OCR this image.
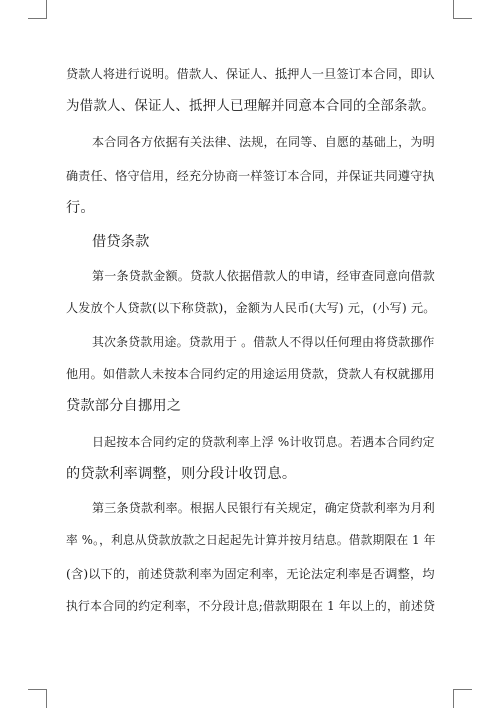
贷款人将进行说明。借款人、保证人、抵押人一旦签订本合同，即认
为借款人、保证人、抵押人已理解并同意本合同的全部条款。
本合同各方依据有关法律、法规，在同等、自愿的基础上，为明
确责任、恪守信用，经充分协商一样签订本合同，并保证共同遵守执
行。
借贷条款
第一条贷款金额。贷款人依据借款人的申请，经审查同意向借款
人发放个人贷款(以下称贷款)，金额为人民币(大写) 元，(小写) 元。
其次条贷款用途。贷款用于 。借款人不得以任何理由将贷款挪作
他用。如借款人未按本合同约定的用途运用贷款，贷款人有权就挪用
贷款部分自挪用之
日起按本合同约定的贷款利率上浮 %计收罚息。若遇本合同约定
的贷款利率调整，则分段计收罚息。
第三条贷款利率。根据人民银行有关规定，确定贷款利率为月利
率 %。，利息从贷款放款之日起起先计算并按月结息。借款期限在 1 年
(含)以下的，前述贷款利率为固定利率，无论法定利率是否调整，均
执行本合同的约定利率，不分段计息;借款期限在 1 年以上的，前述贷
